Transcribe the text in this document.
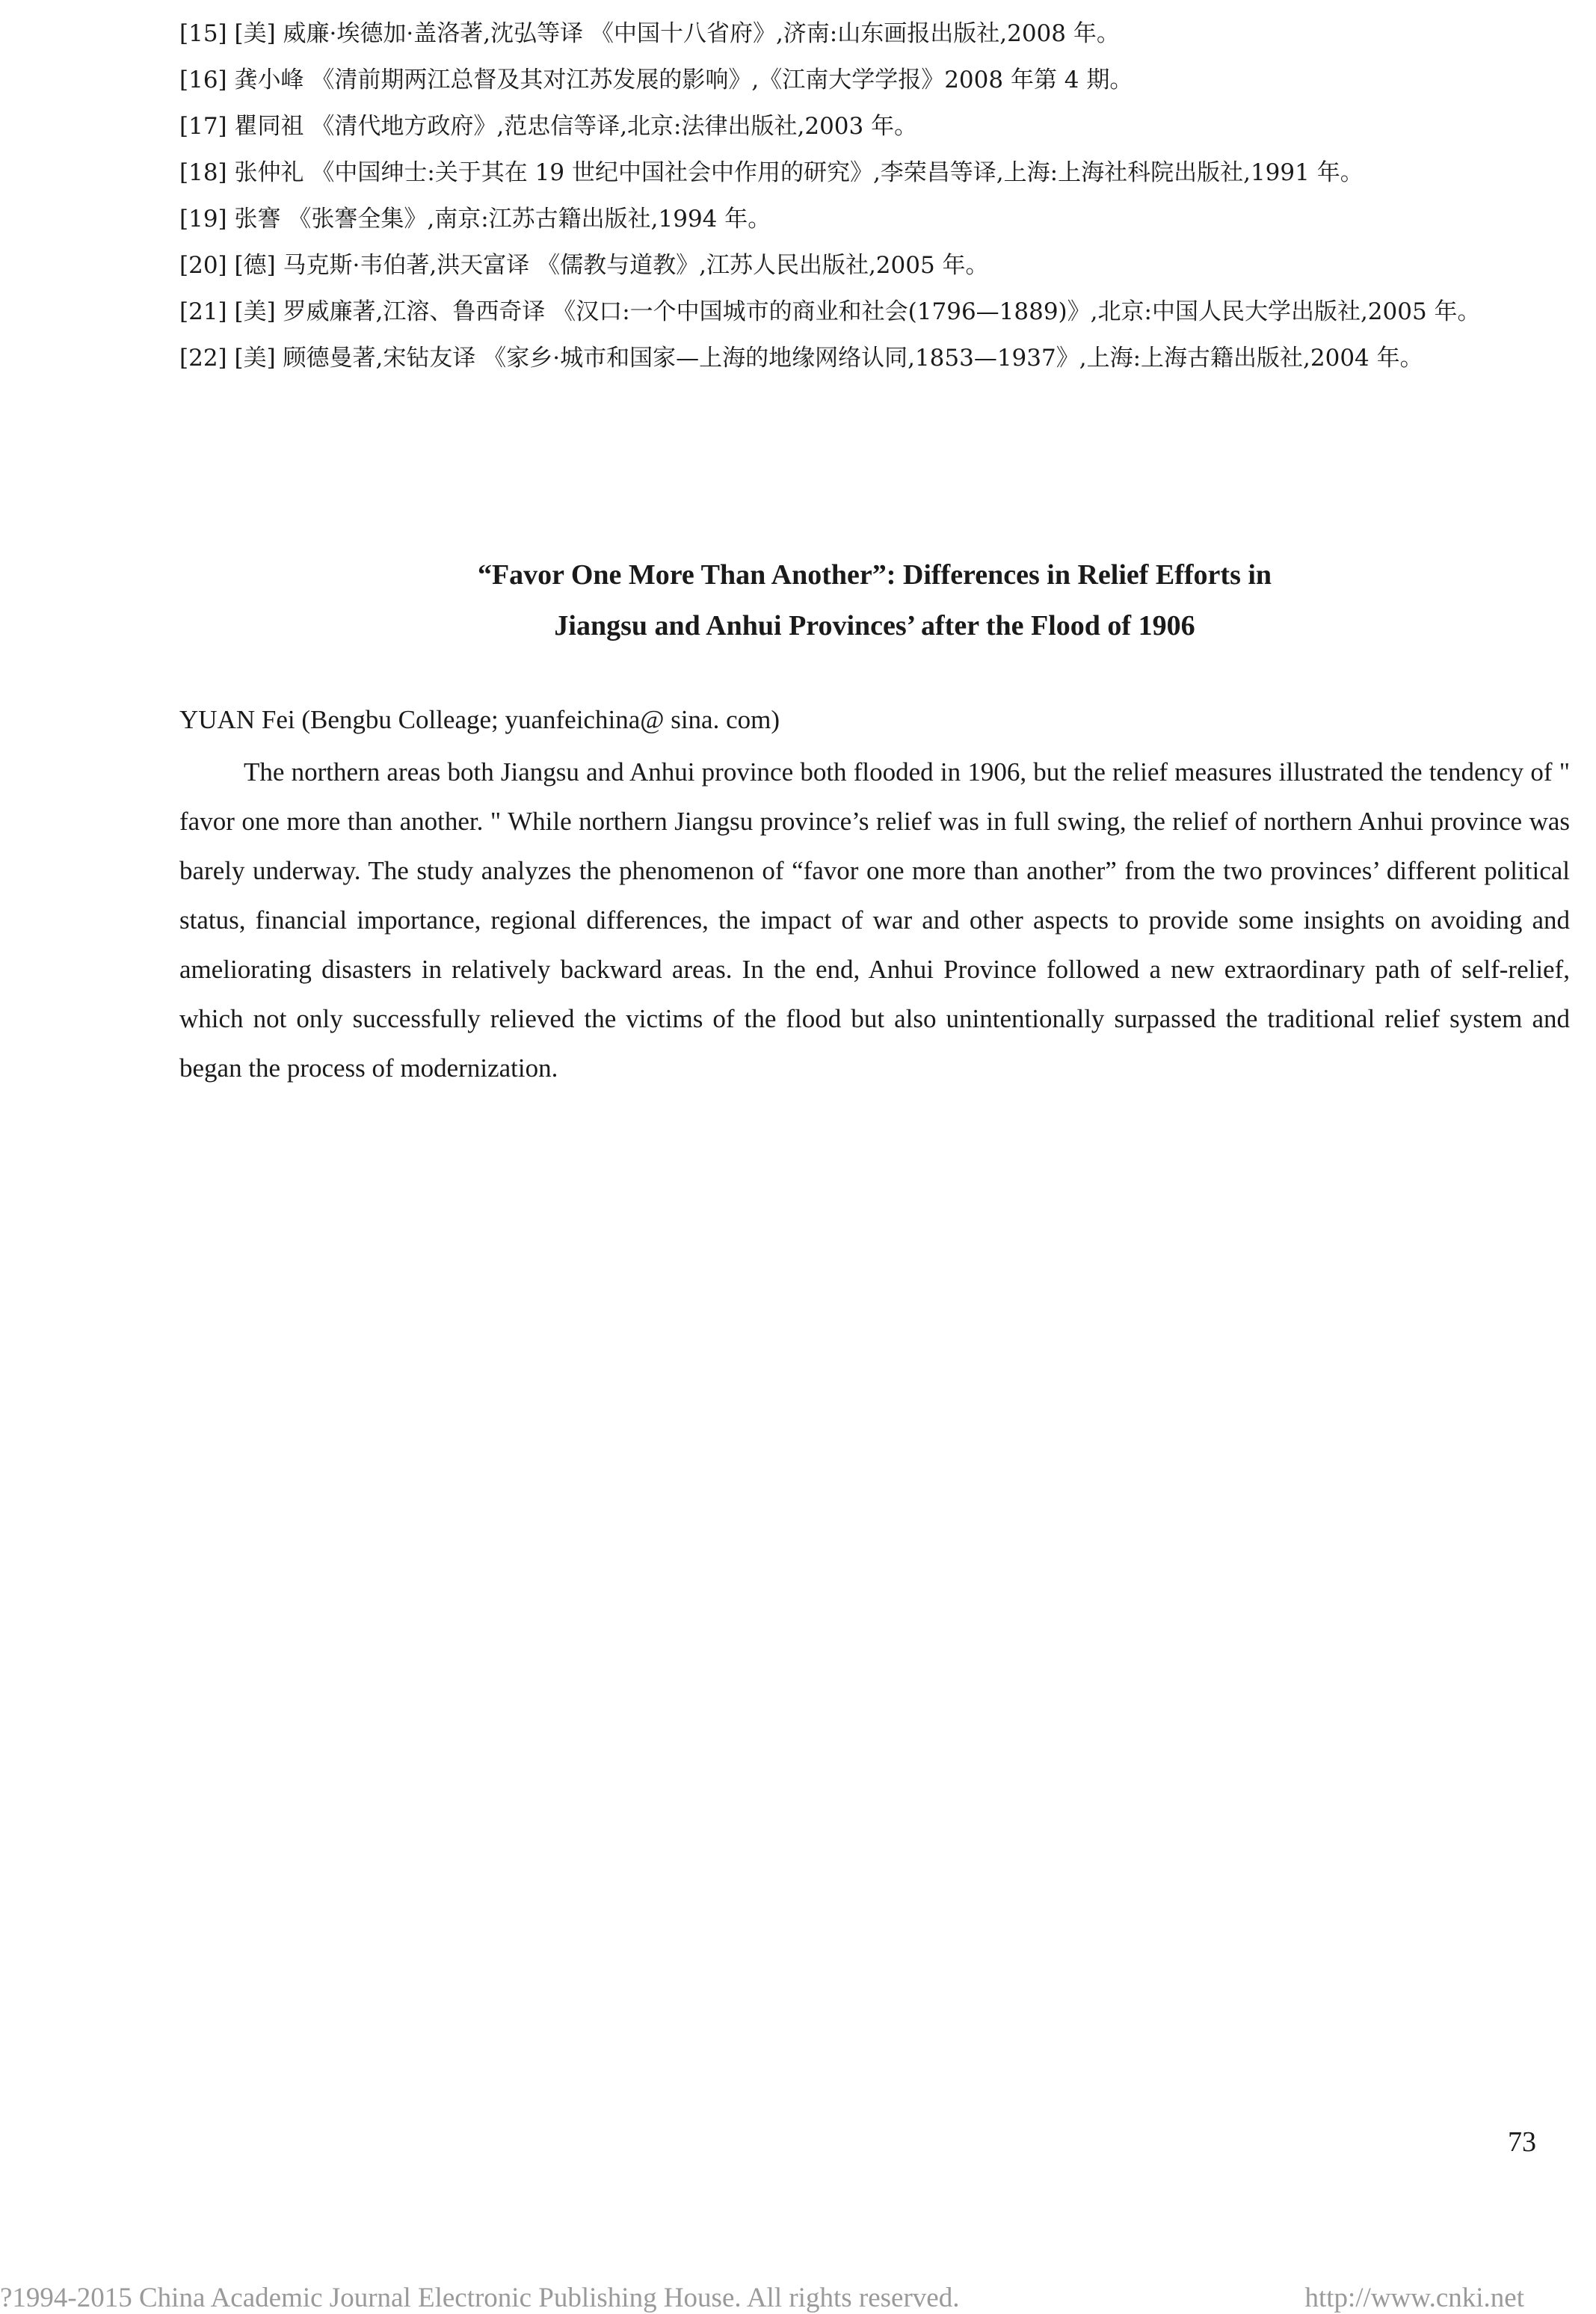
[15] [美] 威廉·埃德加·盖洛著,沈弘等译 《中国十八省府》,济南:山东画报出版社,2008 年。

[16] 龚小峰 《清前期两江总督及其对江苏发展的影响》,《江南大学学报》2008 年第 4 期。

[17] 瞿同祖 《清代地方政府》,范忠信等译,北京:法律出版社,2003 年。

[18] 张仲礼 《中国绅士:关于其在 19 世纪中国社会中作用的研究》,李荣昌等译,上海:上海社科院出版社,1991 年。

[19] 张謇 《张謇全集》,南京:江苏古籍出版社,1994 年。

[20] [德] 马克斯·韦伯著,洪天富译 《儒教与道教》,江苏人民出版社,2005 年。

[21] [美] 罗威廉著,江溶、鲁西奇译 《汉口:一个中国城市的商业和社会(1796—1889)》,北京:中国人民大学出版社,2005 年。

[22] [美] 顾德曼著,宋钻友译 《家乡·城市和国家—上海的地缘网络认同,1853—1937》,上海:上海古籍出版社,2004 年。

“Favor One More Than Another”: Differences in Relief Efforts in
Jiangsu and Anhui Provinces’ after the Flood of 1906
YUAN Fei (Bengbu Colleage; yuanfeichina@ sina. com)

The northern areas both Jiangsu and Anhui province both flooded in 1906, but the relief measures illustrated the tendency of " favor one more than another. " While northern Jiangsu province’s relief was in full swing, the relief of northern Anhui province was barely underway. The study analyzes the phenomenon of “favor one more than another” from the two provinces’ different political status, financial importance, regional differences, the impact of war and other aspects to provide some insights on avoiding and ameliorating disasters in relatively backward areas. In the end, Anhui Province followed a new extraordinary path of self-relief, which not only successfully relieved the victims of the flood but also unintentionally surpassed the traditional relief system and began the process of modernization.

73
?1994-2015 China Academic Journal Electronic Publishing House. All rights reserved.	http://www.cnki.net
